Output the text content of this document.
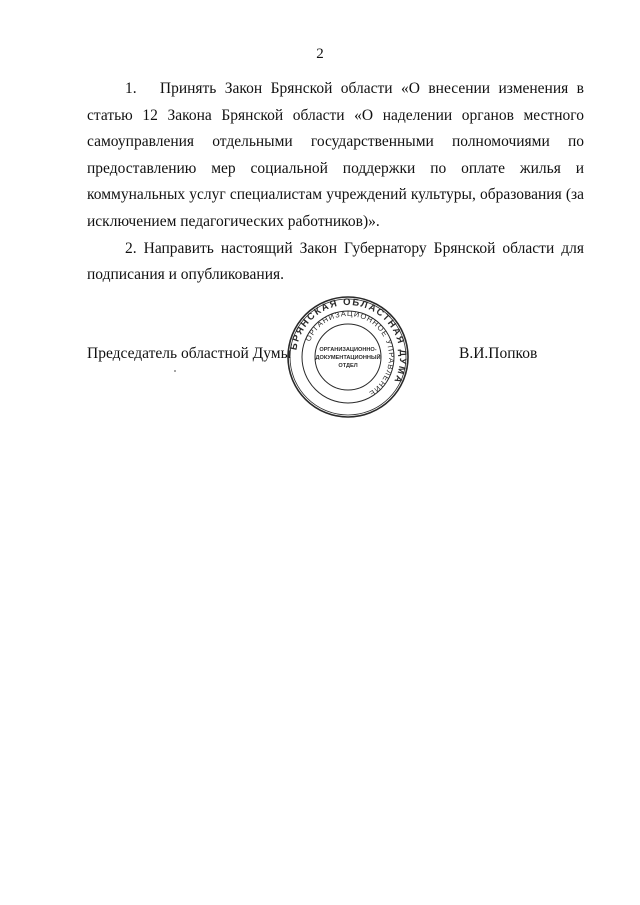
2

1.  Принять Закон Брянской области «О внесении изменения в статью 12 Закона Брянской области «О наделении органов местного самоуправления отдельными государственными полномочиями по предоставлению мер социальной поддержки по оплате жилья и коммунальных услуг специалистам учреждений культуры, образования (за исключением педагогических работников)».

2. Направить настоящий Закон Губернатору Брянской области для подписания и опубликования.

Председатель областной Думы	В.И.Попков
БРЯНСКАЯ ОБЛАСТНАЯ ДУМА
ОРГАНИЗАЦИОННОЕ УПРАВЛЕНИЕ
ОРГАНИЗАЦИОННО-
ДОКУМЕНТАЦИОННЫЙ
ОТДЕЛ
